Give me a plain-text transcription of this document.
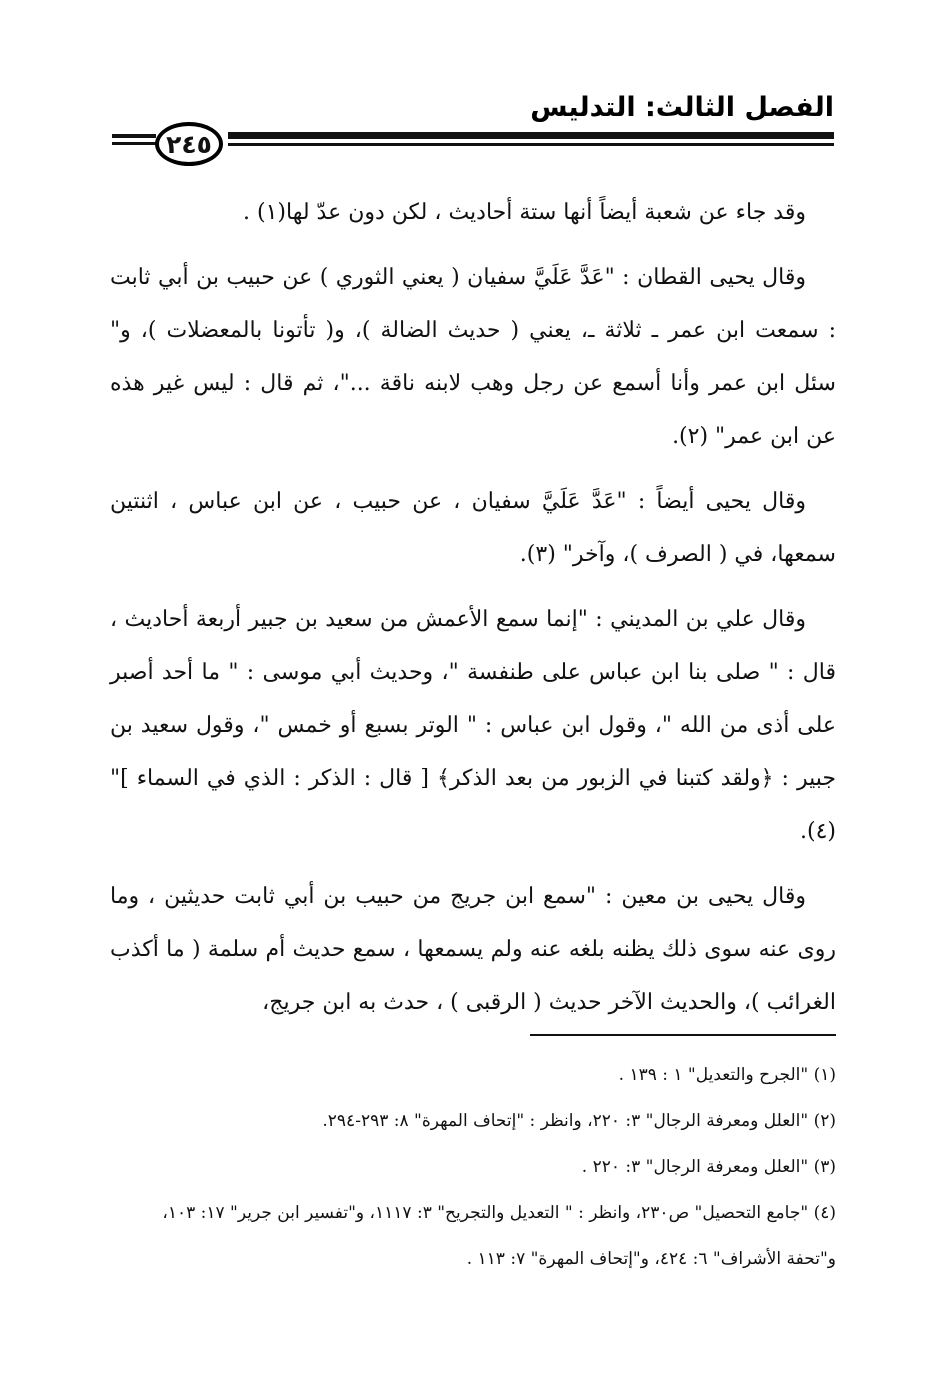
الفصل الثالث: التدليس
٢٤٥

وقد جاء عن شعبة أيضاً أنها ستة أحاديث ، لكن دون عدّ لها(١) .

وقال يحيى القطان : "عَدَّ عَلَيَّ سفيان ( يعني الثوري ) عن حبيب بن أبي ثابت : سمعت ابن عمر ـ ثلاثة ـ، يعني ( حديث الضالة )، و( تأتونا بالمعضلات )، و" سئل ابن عمر وأنا أسمع عن رجل وهب لابنه ناقة ..."، ثم قال : ليس غير هذه عن ابن عمر" (٢).

وقال يحيى أيضاً : "عَدَّ عَلَيَّ سفيان ، عن حبيب ، عن ابن عباس ، اثنتين سمعها، في ( الصرف )، وآخر" (٣).

وقال علي بن المديني : "إنما سمع الأعمش من سعيد بن جبير أربعة أحاديث ، قال : " صلى بنا ابن عباس على طنفسة "، وحديث أبي موسى : " ما أحد أصبر على أذى من الله "، وقول ابن عباس : " الوتر بسبع أو خمس "، وقول سعيد بن جبير : ﴿ولقد كتبنا في الزبور من بعد الذكر﴾ [ قال : الذكر : الذي في السماء ]" (٤).

وقال يحيى بن معين : "سمع ابن جريج من حبيب بن أبي ثابت حديثين ، وما روى عنه سوى ذلك يظنه بلغه عنه ولم يسمعها ، سمع حديث أم سلمة ( ما أكذب الغرائب )، والحديث الآخر حديث ( الرقبى ) ، حدث به ابن جريج،

(١) "الجرح والتعديل" ١ : ١٣٩ .

(٢) "العلل ومعرفة الرجال" ٣: ٢٢٠، وانظر : "إتحاف المهرة" ٨: ٢٩٣-٢٩٤.

(٣) "العلل ومعرفة الرجال" ٣: ٢٢٠ .

(٤) "جامع التحصيل" ص٢٣٠، وانظر : " التعديل والتجريح" ٣: ١١١٧، و"تفسير ابن جرير" ١٧: ١٠٣، و"تحفة الأشراف" ٦: ٤٢٤، و"إتحاف المهرة" ٧: ١١٣ .
